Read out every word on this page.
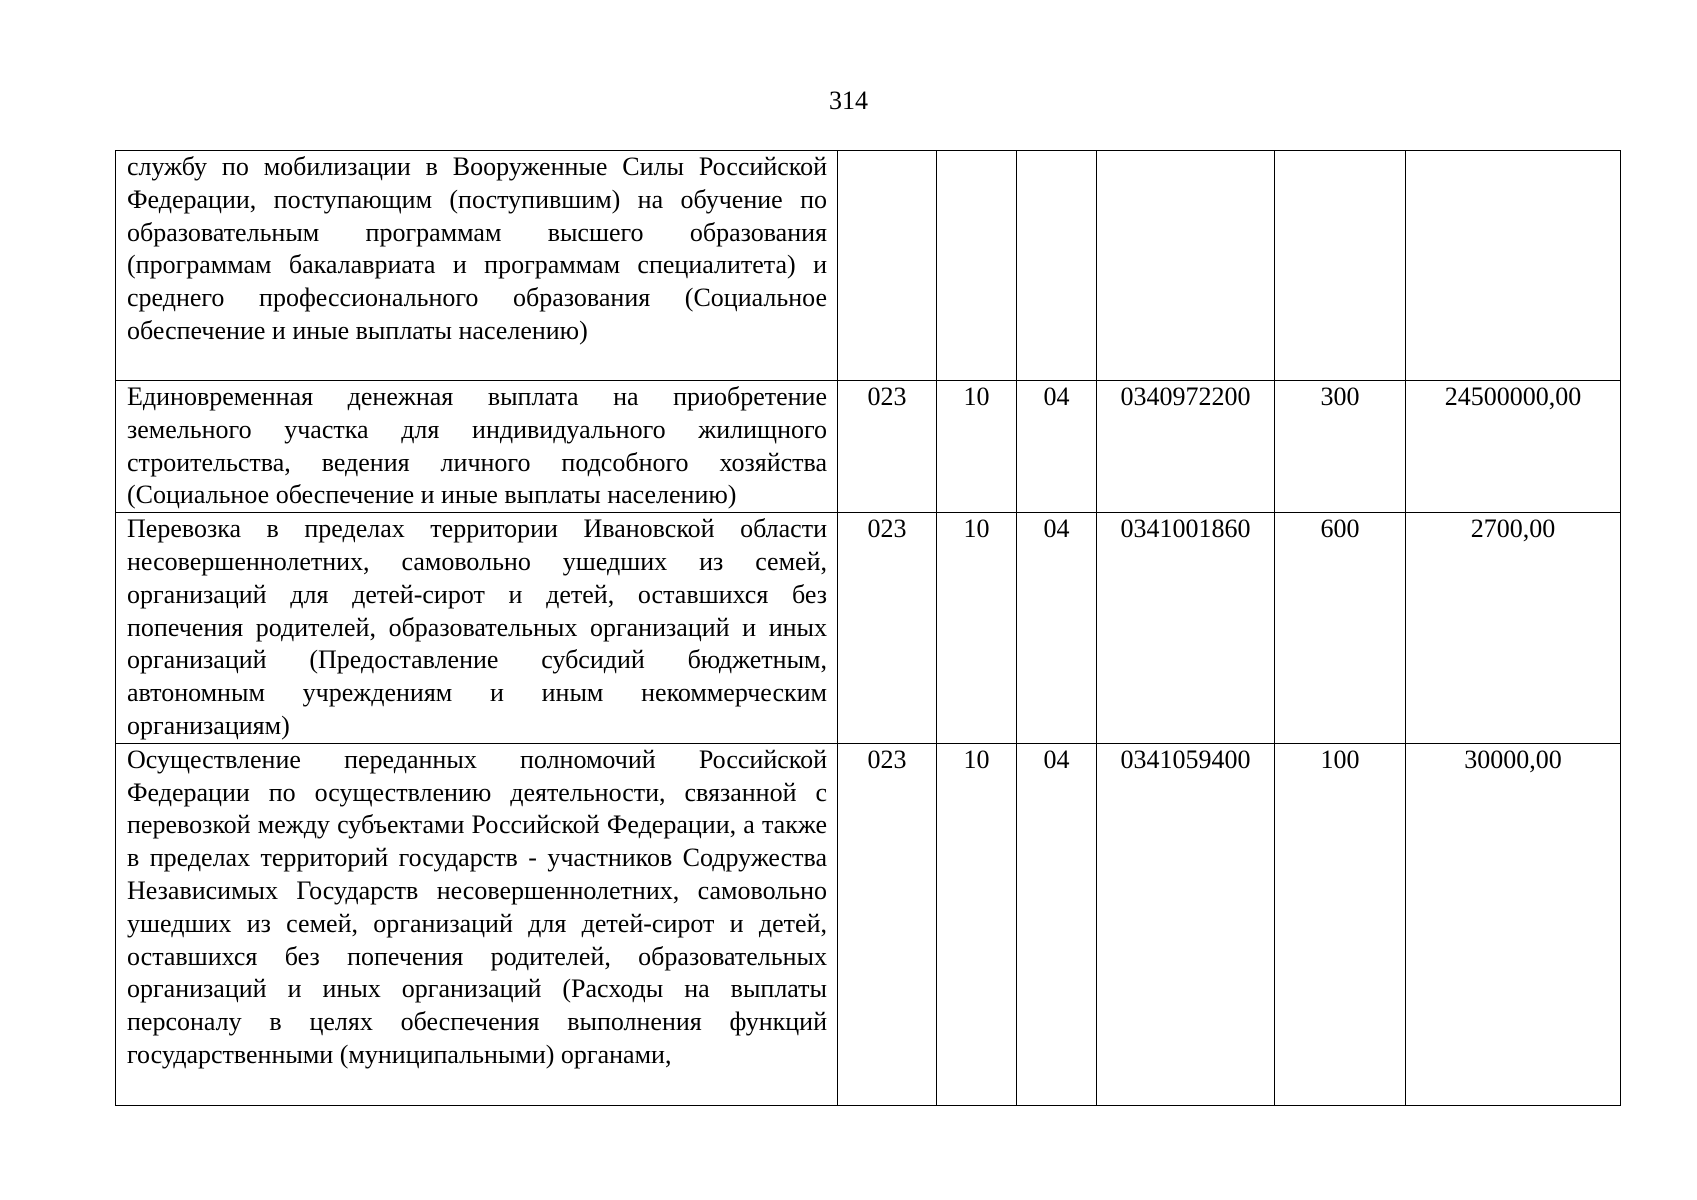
314
службу по мобилизации в Вооруженные Силы Российской Федерации, поступающим (поступившим) на обучение по образовательным программам высшего образования (программам бакалавриата и программам специалитета) и среднего профессионального образования (Социальное обеспечение и иные выплаты населению)						
Единовременная денежная выплата на приобретение земельного участка для индивидуального жилищного строительства, ведения личного подсобного хозяйства (Социальное обеспечение и иные выплаты населению)	023	10	04	0340972200	300	24500000,00
Перевозка в пределах территории Ивановской области несовершеннолетних, самовольно ушедших из семей, организаций для детей-сирот и детей, оставшихся без попечения родителей, образовательных организаций и иных организаций (Предоставление субсидий бюджетным, автономным учреждениям и иным некоммерческим организациям)	023	10	04	0341001860	600	2700,00
Осуществление переданных полномочий Российской Федерации по осуществлению деятельности, связанной с перевозкой между субъектами Российской Федерации, а также в пределах территорий государств - участников Содружества Независимых Государств несовершеннолетних, самовольно ушедших из семей, организаций для детей-сирот и детей, оставшихся без попечения родителей, образовательных организаций и иных организаций (Расходы на выплаты персоналу в целях обеспечения выполнения функций государственными (муниципальными) органами,	023	10	04	0341059400	100	30000,00
